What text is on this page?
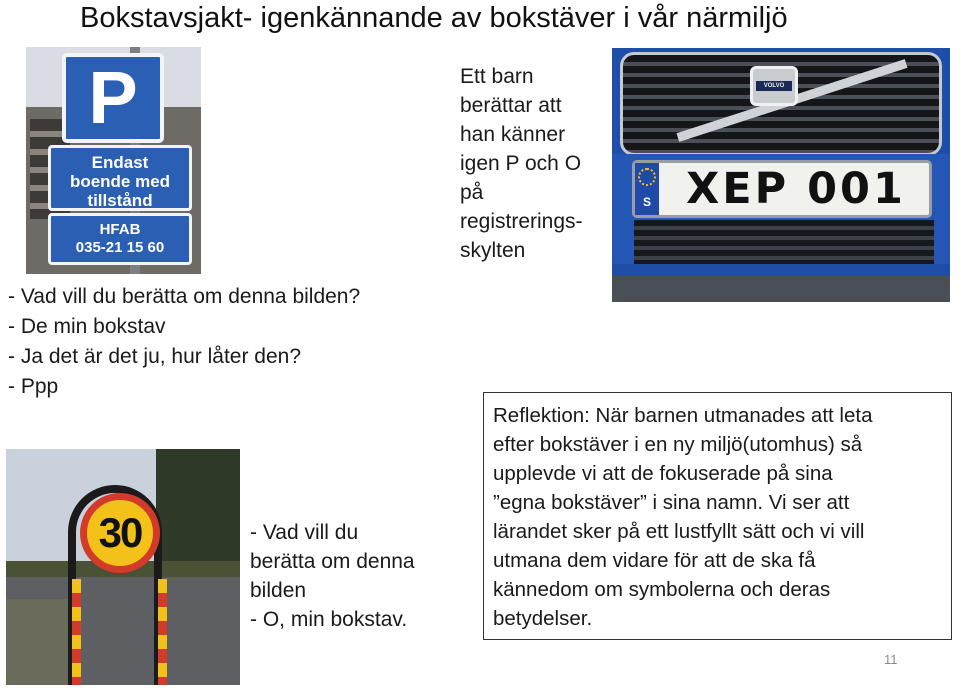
Bokstavsjakt- igenkännande av bokstäver i vår närmiljö
P
Endast
boende med
tillstånd
HFAB
035-21 15 60
Ett barn
berättar att
han känner
igen P och O
på
registrerings-
skylten
VOLVO
S XEP 001
- Vad vill du berätta om denna bilden?
- De min bokstav
- Ja det är det ju, hur låter den?
- Ppp
30	- Vad vill du
berätta om denna
bilden
- O, min bokstav.
Reflektion: När barnen utmanades att leta
efter bokstäver i en ny miljö(utomhus) så
upplevde vi att de fokuserade på sina
”egna bokstäver” i sina namn. Vi ser att
lärandet sker på ett lustfyllt sätt och vi vill
utmana dem vidare för att de ska få
kännedom om symbolerna och deras
betydelser.
11
